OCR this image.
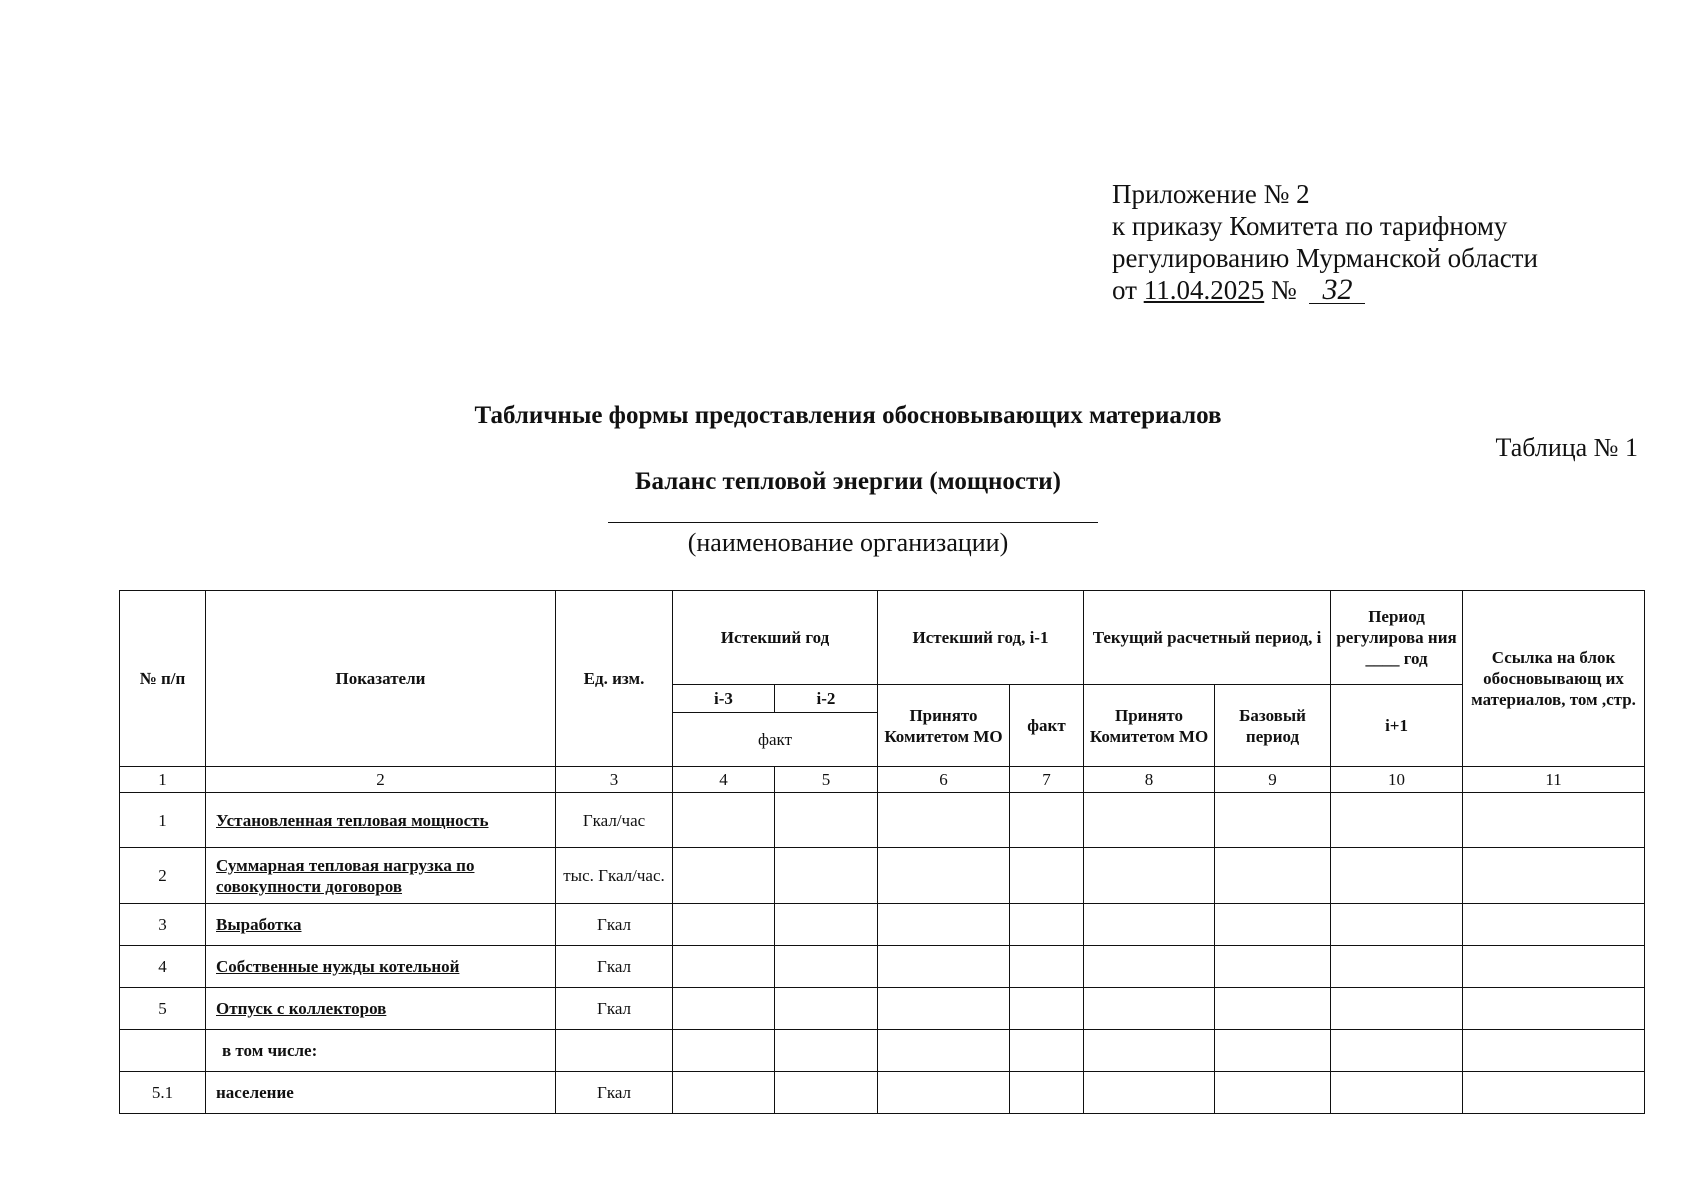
Приложение № 2
к приказу Комитета по тарифному
регулированию Мурманской области
от 11.04.2025 № 32
Табличные формы предоставления обосновывающих материалов
Таблица № 1
Баланс тепловой энергии (мощности)
(наименование организации)
№ п/п	Показатели	Ед. изм.	Истекший год		Истекший год, i-1		Текущий расчетный период, i		Период регулирова ния ____ год	Ссылка на блок обосновывающ их материалов, том ,стр.
			i-3	i-2	Принято Комитетом МО	факт	Принято Комитетом МО	Базовый период	i+1	
			факт							
1	2	3	4	5	6	7	8	9	10	11
1	Установленная тепловая мощность	Гкал/час								
2	Суммарная тепловая нагрузка по совокупности договоров	тыс. Гкал/час.								
3	Выработка	Гкал								
4	Собственные нужды котельной	Гкал								
5	Отпуск с коллекторов	Гкал								
	в том числе:									
5.1	население	Гкал								
